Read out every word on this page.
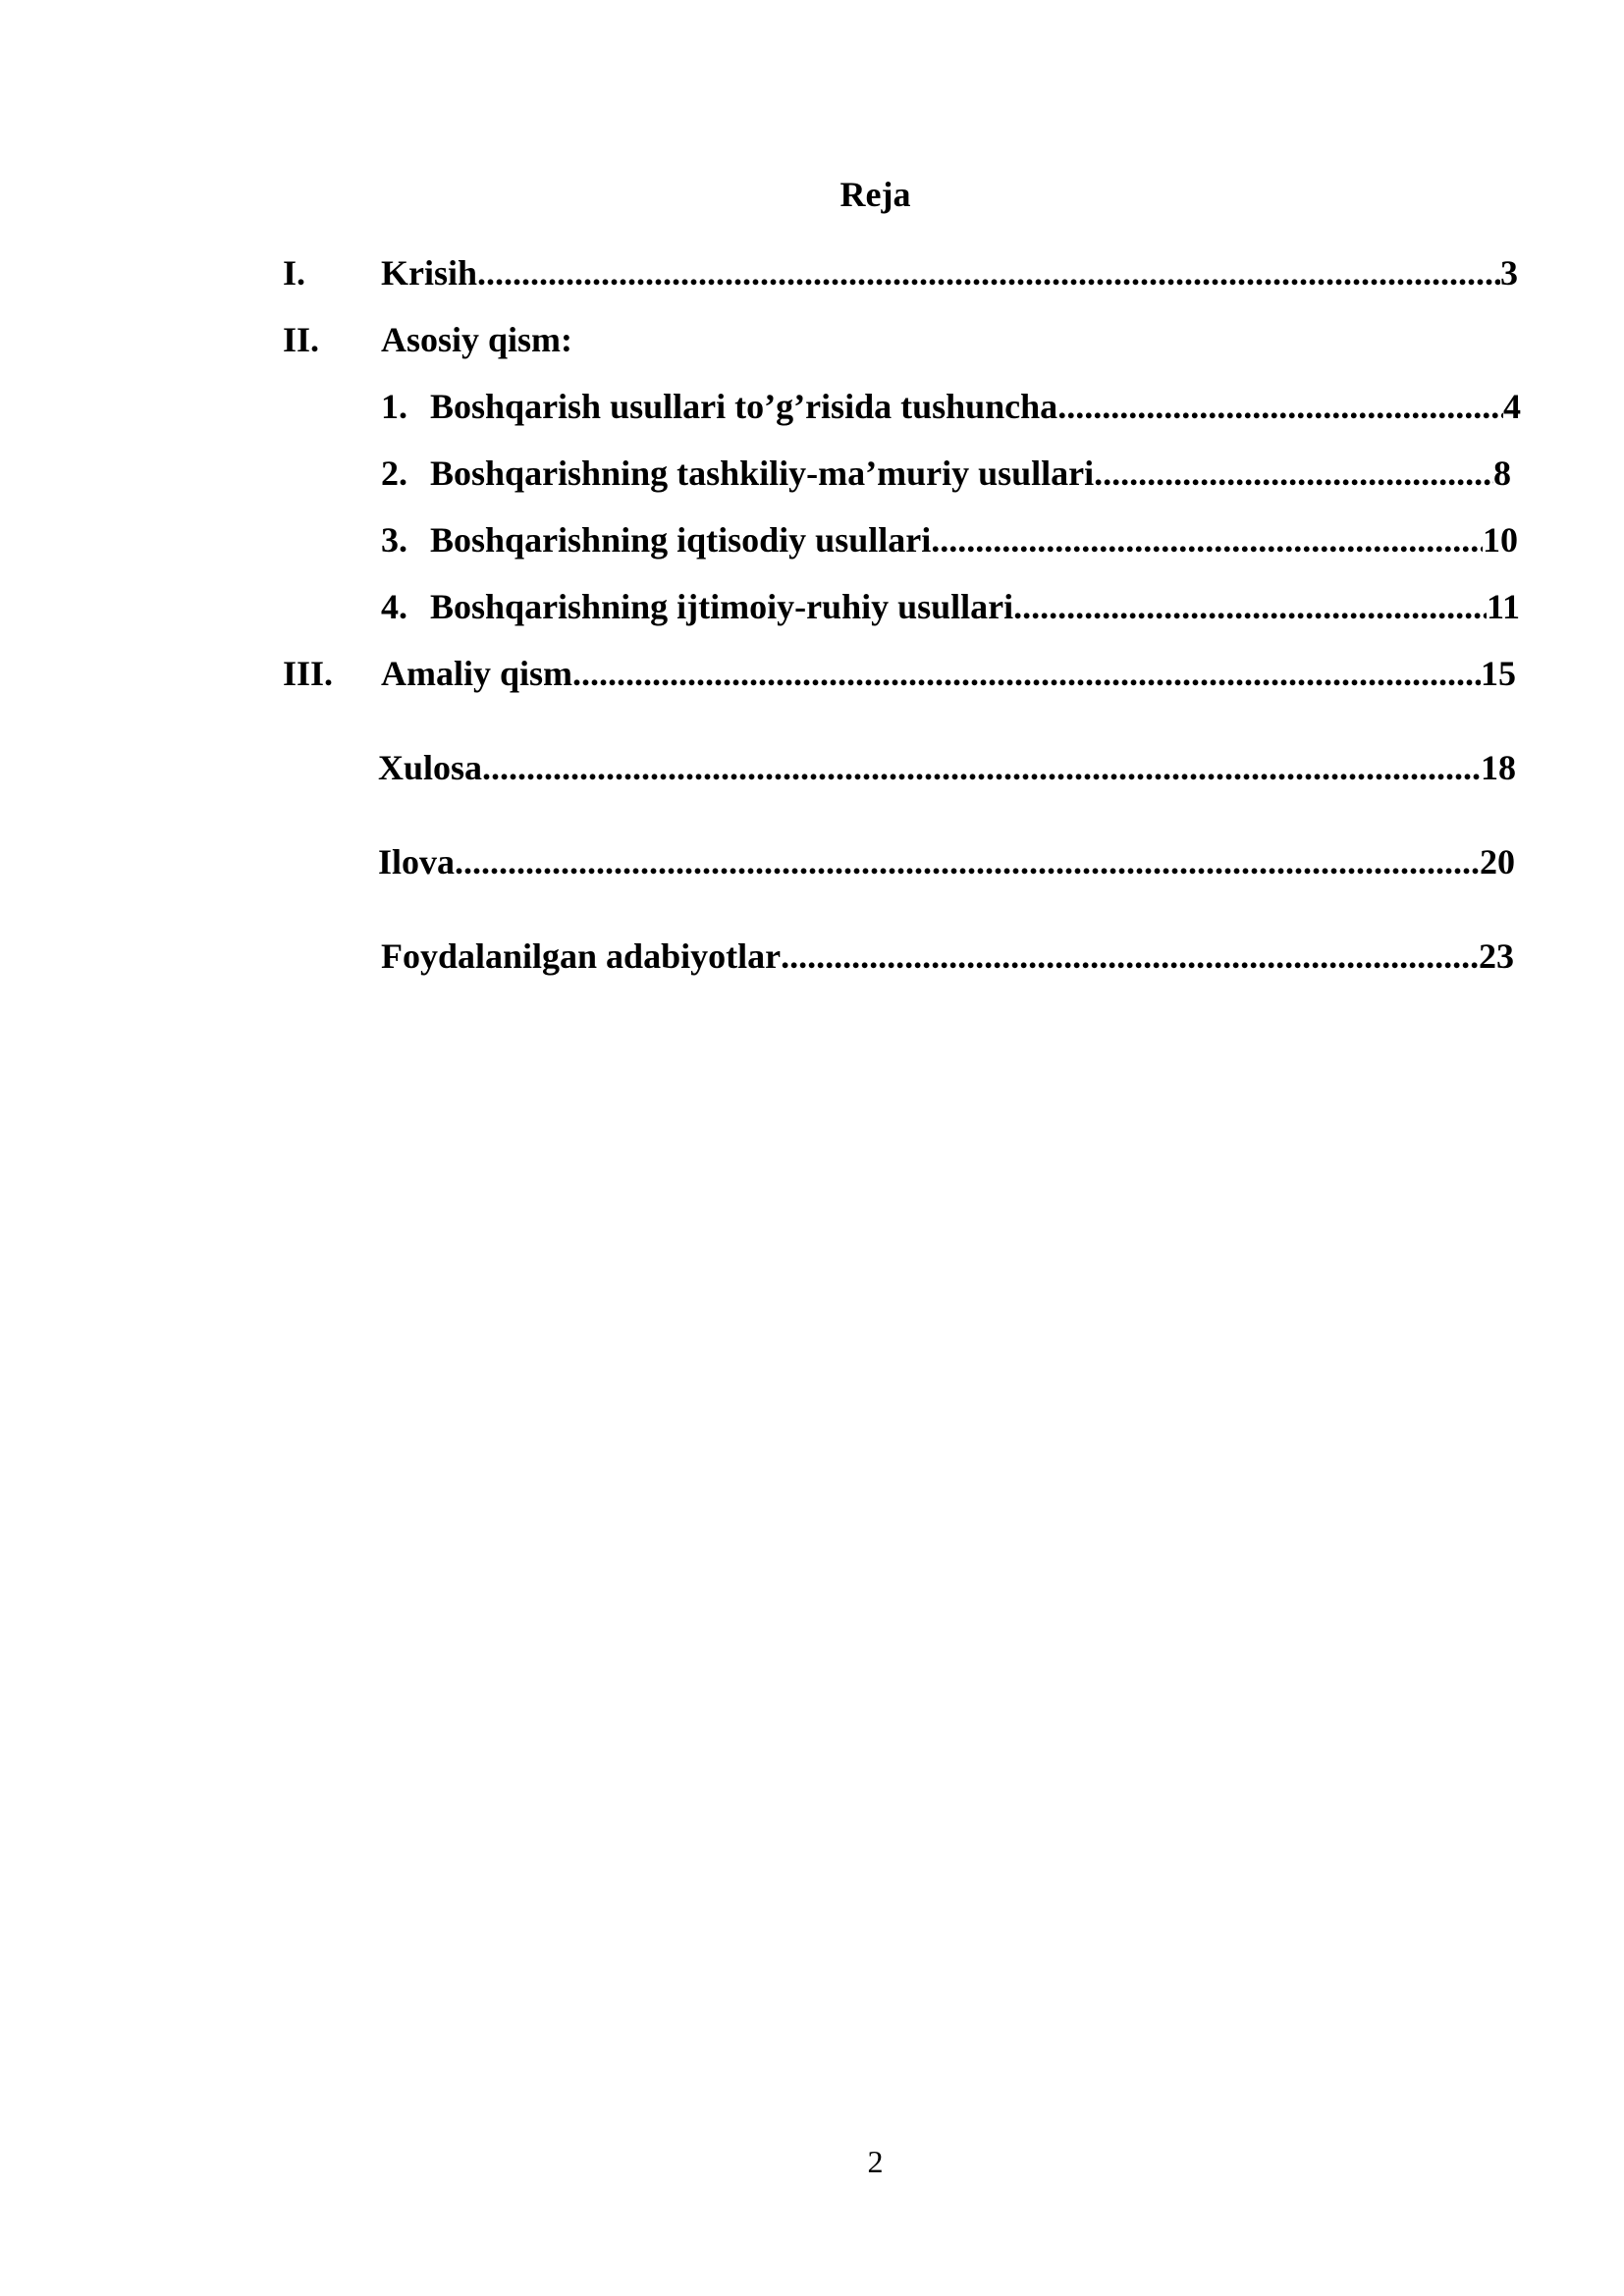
Reja
I. Krisih .....	3
II. Asosiy qism:
1. Boshqarish usullari to’g’risida tushuncha .....	4
2. Boshqarishning tashkiliy-ma’muriy usullari .....	8
3. Boshqarishning iqtisodiy usullari .....	10
4. Boshqarishning ijtimoiy-ruhiy usullari .....	11
III. Amaliy qism .....	15
Xulosa .....	18
Ilova .....	20
Foydalanilgan adabiyotlar .....	23
2
